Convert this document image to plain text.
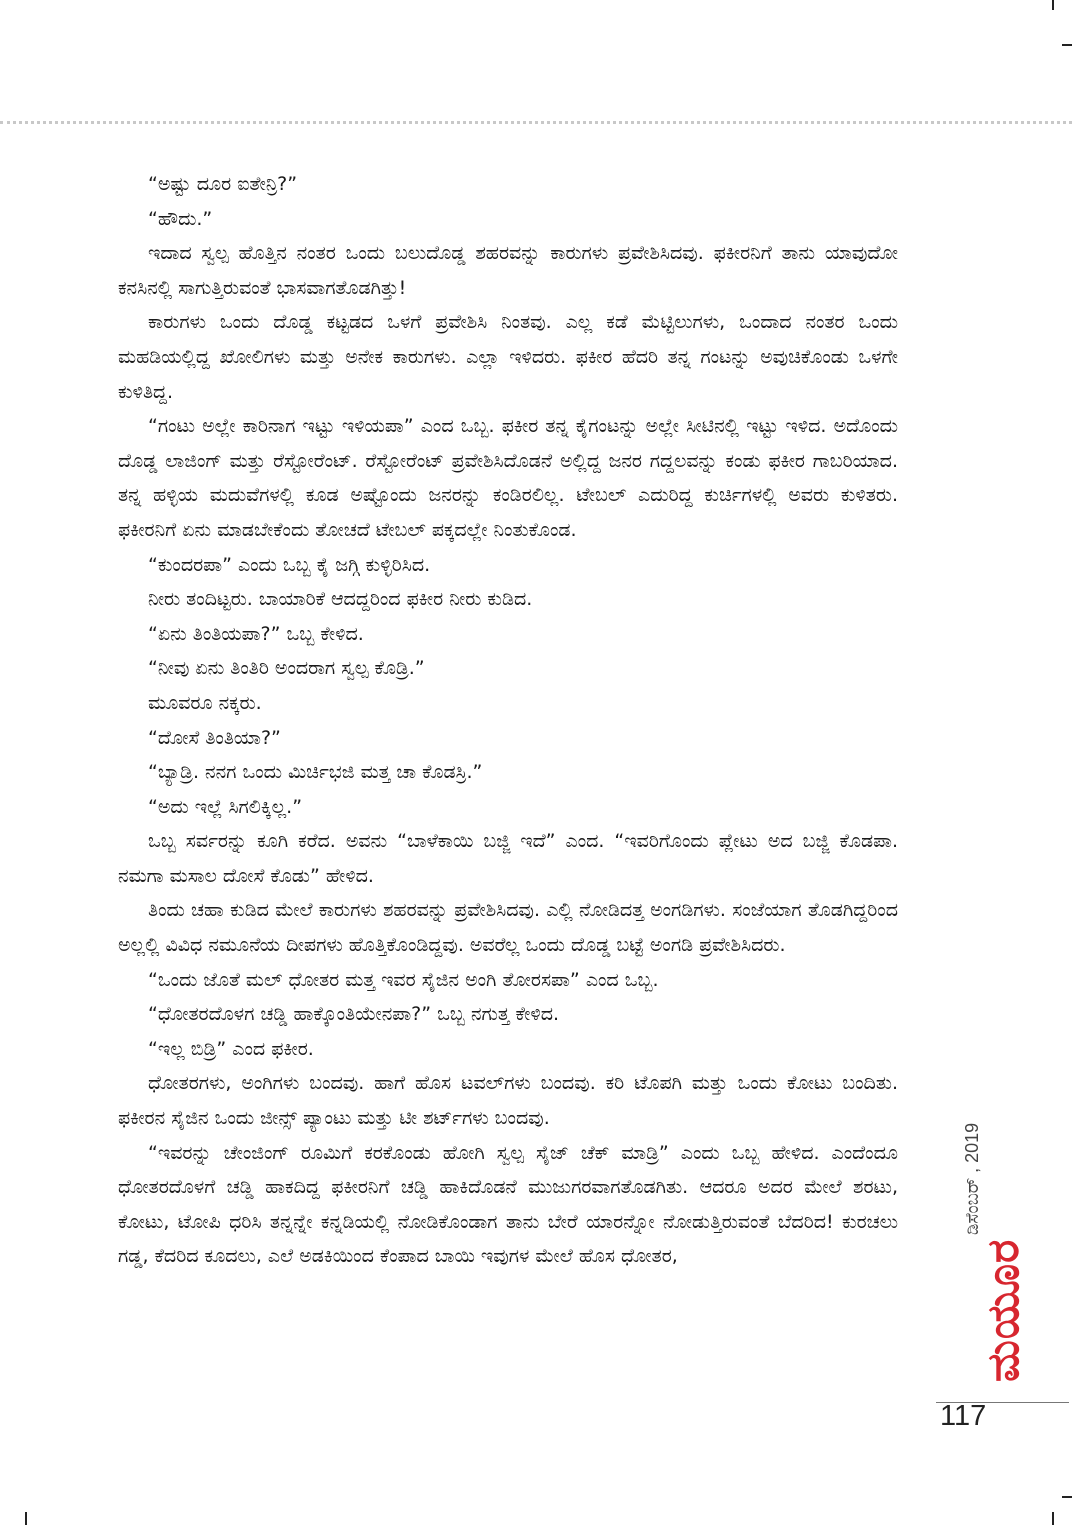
“ಅಷ್ಟು ದೂರ ಐತೇನ್ರಿ?”

“ಹೌದು.”

ಇದಾದ ಸ್ವಲ್ಪ ಹೊತ್ತಿನ ನಂತರ ಒಂದು ಬಲುದೊಡ್ಡ ಶಹರವನ್ನು ಕಾರುಗಳು ಪ್ರವೇಶಿಸಿದವು. ಫಕೀರನಿಗೆ ತಾನು ಯಾವುದೋ ಕನಸಿನಲ್ಲಿ ಸಾಗುತ್ತಿರುವಂತೆ ಭಾಸವಾಗತೊಡಗಿತ್ತು!

ಕಾರುಗಳು ಒಂದು ದೊಡ್ಡ ಕಟ್ಟಡದ ಒಳಗೆ ಪ್ರವೇಶಿಸಿ ನಿಂತವು. ಎಲ್ಲ ಕಡೆ ಮೆಟ್ಟಿಲುಗಳು, ಒಂದಾದ ನಂತರ ಒಂದು ಮಹಡಿಯಲ್ಲಿದ್ದ ಖೋಲಿಗಳು ಮತ್ತು ಅನೇಕ ಕಾರುಗಳು. ಎಲ್ಲಾ ಇಳಿದರು. ಫಕೀರ ಹೆದರಿ ತನ್ನ ಗಂಟನ್ನು ಅವುಚಿಕೊಂಡು ಒಳಗೇ ಕುಳಿತಿದ್ದ.

“ಗಂಟು ಅಲ್ಲೇ ಕಾರಿನಾಗ ಇಟ್ಟು ಇಳಿಯಪಾ” ಎಂದ ಒಬ್ಬ. ಫಕೀರ ತನ್ನ ಕೈಗಂಟನ್ನು ಅಲ್ಲೇ ಸೀಟಿನಲ್ಲಿ ಇಟ್ಟು ಇಳಿದ. ಅದೊಂದು ದೊಡ್ಡ ಲಾಜಿಂಗ್ ಮತ್ತು ರೆಸ್ಟೋರೆಂಟ್. ರೆಸ್ಟೋರೆಂಟ್ ಪ್ರವೇಶಿಸಿದೊಡನೆ ಅಲ್ಲಿದ್ದ ಜನರ ಗದ್ದಲವನ್ನು ಕಂಡು ಫಕೀರ ಗಾಬರಿಯಾದ. ತನ್ನ ಹಳ್ಳಿಯ ಮದುವೆಗಳಲ್ಲಿ ಕೂಡ ಅಷ್ಟೊಂದು ಜನರನ್ನು ಕಂಡಿರಲಿಲ್ಲ. ಟೇಬಲ್ ಎದುರಿದ್ದ ಕುರ್ಚಿಗಳಲ್ಲಿ ಅವರು ಕುಳಿತರು. ಫಕೀರನಿಗೆ ಏನು ಮಾಡಬೇಕೆಂದು ತೋಚದೆ ಟೇಬಲ್ ಪಕ್ಕದಲ್ಲೇ ನಿಂತುಕೊಂಡ.

“ಕುಂದರಪಾ” ಎಂದು ಒಬ್ಬ ಕೈ ಜಗ್ಗಿ ಕುಳ್ಳಿರಿಸಿದ.

ನೀರು ತಂದಿಟ್ಟರು. ಬಾಯಾರಿಕೆ ಆದದ್ದರಿಂದ ಫಕೀರ ನೀರು ಕುಡಿದ.

“ಏನು ತಿಂತಿಯಪಾ?” ಒಬ್ಬ ಕೇಳಿದ.

“ನೀವು ಏನು ತಿಂತಿರಿ ಅಂದರಾಗ ಸ್ವಲ್ಪ ಕೊಡ್ರಿ.”

ಮೂವರೂ ನಕ್ಕರು.

“ದೋಸೆ ತಿಂತಿಯಾ?”

“ಬ್ಯಾಡ್ರಿ. ನನಗ ಒಂದು ಮಿರ್ಚಿಭಜಿ ಮತ್ತ ಚಾ ಕೊಡಸ್ರಿ.”

“ಅದು ಇಲ್ಲೆ ಸಿಗಲಿಕ್ಕಿಲ್ಲ.”

ಒಬ್ಬ ಸರ್ವರನ್ನು ಕೂಗಿ ಕರೆದ. ಅವನು “ಬಾಳೆಕಾಯಿ ಬಜ್ಜಿ ಇದೆ” ಎಂದ. “ಇವರಿಗೊಂದು ಪ್ಲೇಟು ಅದ ಬಜ್ಜಿ ಕೊಡಪಾ. ನಮಗಾ ಮಸಾಲ ದೋಸೆ ಕೊಡು” ಹೇಳಿದ.

ತಿಂದು ಚಹಾ ಕುಡಿದ ಮೇಲೆ ಕಾರುಗಳು ಶಹರವನ್ನು ಪ್ರವೇಶಿಸಿದವು. ಎಲ್ಲಿ ನೋಡಿದತ್ತ ಅಂಗಡಿಗಳು. ಸಂಜೆಯಾಗ ತೊಡಗಿದ್ದರಿಂದ ಅಲ್ಲಲ್ಲಿ ವಿವಿಧ ನಮೂನೆಯ ದೀಪಗಳು ಹೊತ್ತಿಕೊಂಡಿದ್ದವು. ಅವರೆಲ್ಲ ಒಂದು ದೊಡ್ಡ ಬಟ್ಟೆ ಅಂಗಡಿ ಪ್ರವೇಶಿಸಿದರು.

“ಒಂದು ಜೊತೆ ಮಲ್ ಧೋತರ ಮತ್ತ ಇವರ ಸೈಜಿನ ಅಂಗಿ ತೋರಸಪಾ” ಎಂದ ಒಬ್ಬ.

“ಧೋತರದೊಳಗ ಚಡ್ಡಿ ಹಾಕ್ಕೊಂತಿಯೇನಪಾ?” ಒಬ್ಬ ನಗುತ್ತ ಕೇಳಿದ.

“ಇಲ್ಲ ಬಿಡ್ರಿ” ಎಂದ ಫಕೀರ.

ಧೋತರಗಳು, ಅಂಗಿಗಳು ಬಂದವು. ಹಾಗೆ ಹೊಸ ಟವಲ್‌ಗಳು ಬಂದವು. ಕರಿ ಟೊಪಗಿ ಮತ್ತು ಒಂದು ಕೋಟು ಬಂದಿತು. ಫಕೀರನ ಸೈಜಿನ ಒಂದು ಜೀನ್ಸ್ ಪ್ಯಾಂಟು ಮತ್ತು ಟೀ ಶರ್ಟ್‌ಗಳು ಬಂದವು.

“ಇವರನ್ನು ಚೇಂಜಿಂಗ್ ರೂಮಿಗೆ ಕರಕೊಂಡು ಹೋಗಿ ಸ್ವಲ್ಪ ಸೈಜ್ ಚೆಕ್ ಮಾಡ್ರಿ” ಎಂದು ಒಬ್ಬ ಹೇಳಿದ. ಎಂದೆಂದೂ ಧೋತರದೊಳಗೆ ಚಡ್ಡಿ ಹಾಕದಿದ್ದ ಫಕೀರನಿಗೆ ಚಡ್ಡಿ ಹಾಕಿದೊಡನೆ ಮುಜುಗರವಾಗತೊಡಗಿತು. ಆದರೂ ಅದರ ಮೇಲೆ ಶರಟು, ಕೋಟು, ಟೋಪಿ ಧರಿಸಿ ತನ್ನನ್ನೇ ಕನ್ನಡಿಯಲ್ಲಿ ನೋಡಿಕೊಂಡಾಗ ತಾನು ಬೇರೆ ಯಾರನ್ನೋ ನೋಡುತ್ತಿರುವಂತೆ ಬೆದರಿದ! ಕುರಚಲು ಗಡ್ಡ, ಕೆದರಿದ ಕೂದಲು, ಎಲೆ ಅಡಕಿಯಿಂದ ಕೆಂಪಾದ ಬಾಯಿ ಇವುಗಳ ಮೇಲೆ ಹೊಸ ಧೋತರ,

ಡಿಸೆಂಬರ್ , 2019
ಮಯೂರ
117
